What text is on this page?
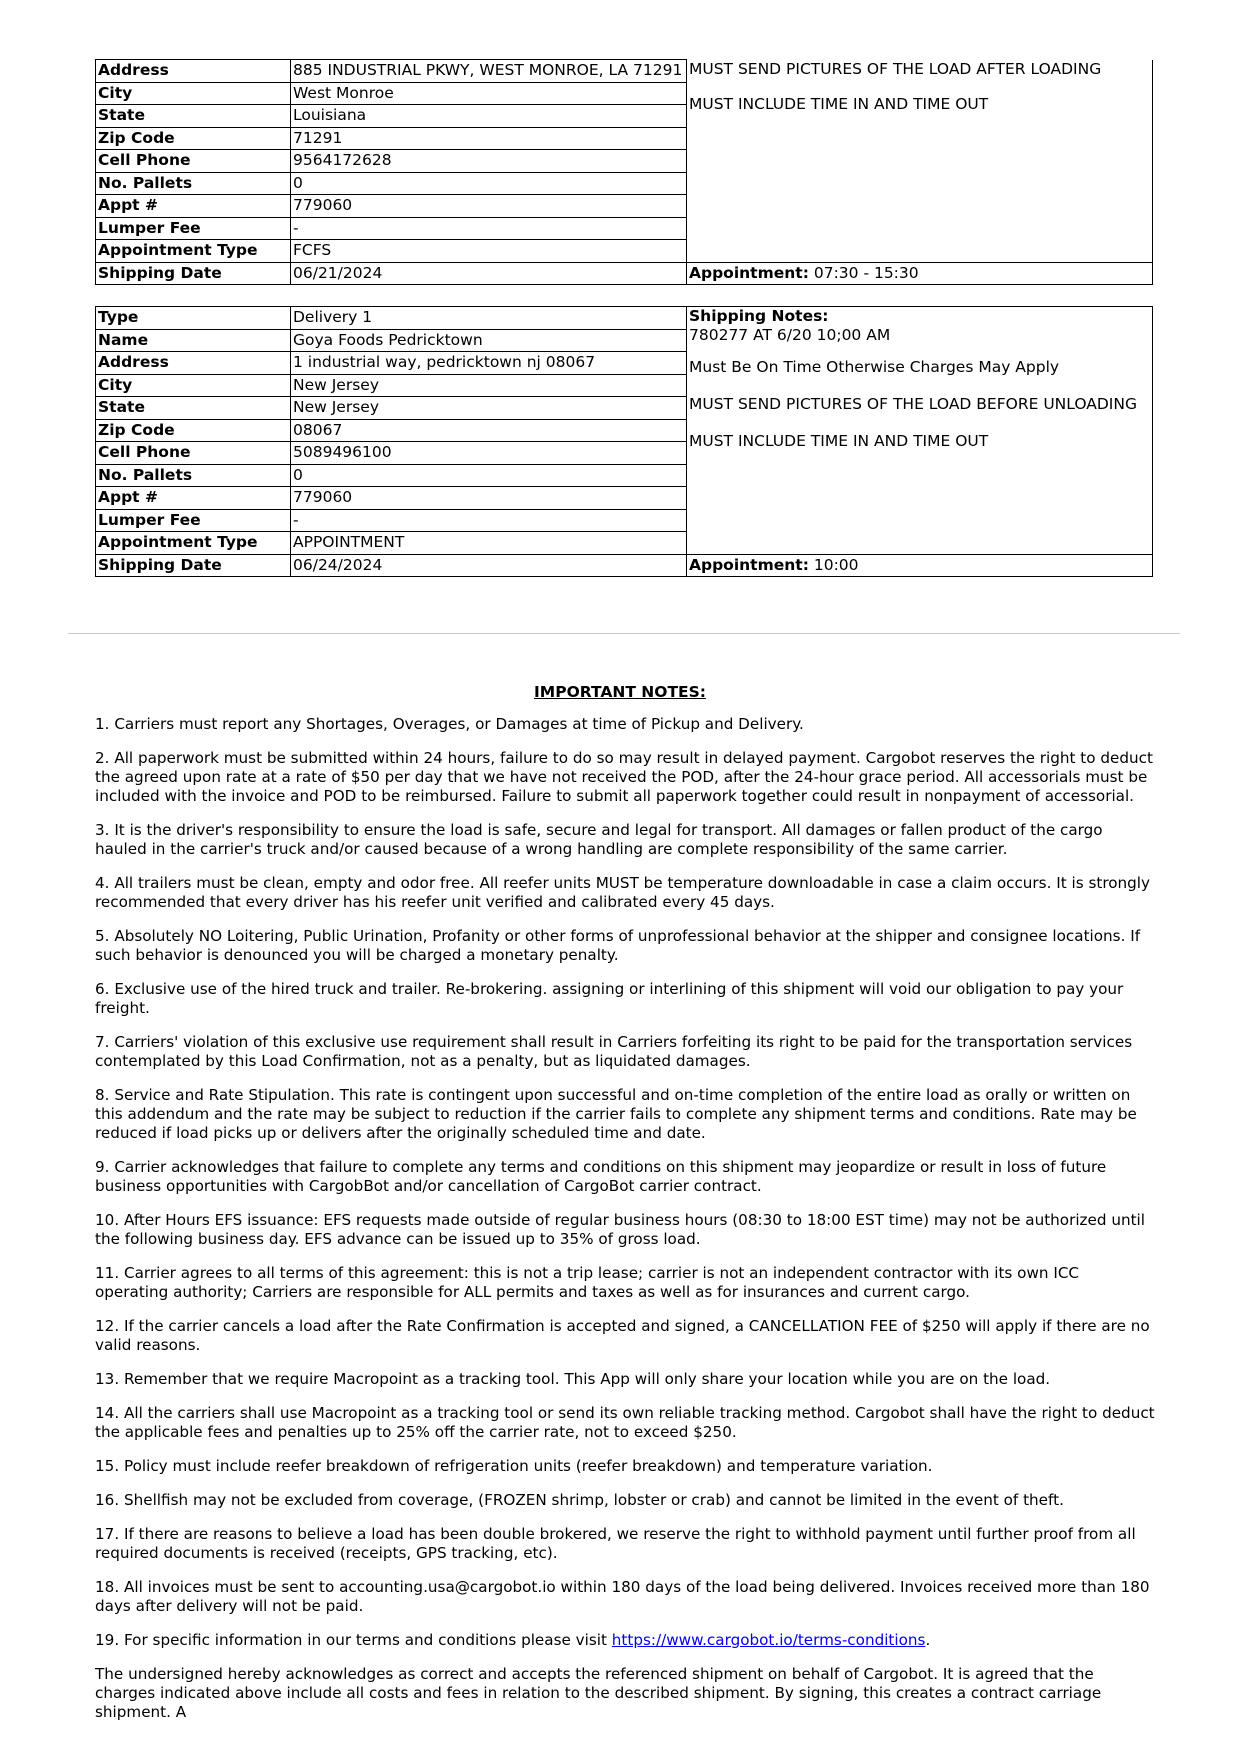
Address	885 INDUSTRIAL PKWY, WEST MONROE, LA 71291	MUST SEND PICTURES OF THE LOAD AFTER LOADING

MUST INCLUDE TIME IN AND TIME OUT

City	West Monroe	
State	Louisiana	
Zip Code	71291	
Cell Phone	9564172628	
No. Pallets	0	
Appt #	779060	
Lumper Fee	-	
Appointment Type	FCFS	
Shipping Date	06/21/2024	Appointment: 07:30 - 15:30
Type	Delivery 1	Shipping Notes:

780277 AT 6/20 10;00 AM

Must Be On Time Otherwise Charges May Apply

MUST SEND PICTURES OF THE LOAD BEFORE UNLOADING

MUST INCLUDE TIME IN AND TIME OUT

Name	Goya Foods Pedricktown	
Address	1 industrial way, pedricktown nj 08067	
City	New Jersey	
State	New Jersey	
Zip Code	08067	
Cell Phone	5089496100	
No. Pallets	0	
Appt #	779060	
Lumper Fee	-	
Appointment Type	APPOINTMENT	
Shipping Date	06/24/2024	Appointment: 10:00
IMPORTANT NOTES:

1. Carriers must report any Shortages, Overages, or Damages at time of Pickup and Delivery.

2. All paperwork must be submitted within 24 hours, failure to do so may result in delayed payment. Cargobot reserves the right to deduct the agreed upon rate at a rate of $50 per day that we have not received the POD, after the 24-hour grace period. All accessorials must be included with the invoice and POD to be reimbursed. Failure to submit all paperwork together could result in nonpayment of accessorial.

3. It is the driver's responsibility to ensure the load is safe, secure and legal for transport. All damages or fallen product of the cargo hauled in the carrier's truck and/or caused because of a wrong handling are complete responsibility of the same carrier.

4. All trailers must be clean, empty and odor free. All reefer units MUST be temperature downloadable in case a claim occurs. It is strongly recommended that every driver has his reefer unit verified and calibrated every 45 days.

5. Absolutely NO Loitering, Public Urination, Profanity or other forms of unprofessional behavior at the shipper and consignee locations. If such behavior is denounced you will be charged a monetary penalty.

6. Exclusive use of the hired truck and trailer. Re-brokering. assigning or interlining of this shipment will void our obligation to pay your freight.

7. Carriers' violation of this exclusive use requirement shall result in Carriers forfeiting its right to be paid for the transportation services contemplated by this Load Confirmation, not as a penalty, but as liquidated damages.

8. Service and Rate Stipulation. This rate is contingent upon successful and on-time completion of the entire load as orally or written on this addendum and the rate may be subject to reduction if the carrier fails to complete any shipment terms and conditions. Rate may be reduced if load picks up or delivers after the originally scheduled time and date.

9. Carrier acknowledges that failure to complete any terms and conditions on this shipment may jeopardize or result in loss of future business opportunities with CargobBot and/or cancellation of CargoBot carrier contract.

10. After Hours EFS issuance: EFS requests made outside of regular business hours (08:30 to 18:00 EST time) may not be authorized until the following business day. EFS advance can be issued up to 35% of gross load.

11. Carrier agrees to all terms of this agreement: this is not a trip lease; carrier is not an independent contractor with its own ICC operating authority; Carriers are responsible for ALL permits and taxes as well as for insurances and current cargo.

12. If the carrier cancels a load after the Rate Confirmation is accepted and signed, a CANCELLATION FEE of $250 will apply if there are no valid reasons.

13. Remember that we require Macropoint as a tracking tool. This App will only share your location while you are on the load.

14. All the carriers shall use Macropoint as a tracking tool or send its own reliable tracking method. Cargobot shall have the right to deduct the applicable fees and penalties up to 25% off the carrier rate, not to exceed $250.

15. Policy must include reefer breakdown of refrigeration units (reefer breakdown) and temperature variation.

16. Shellfish may not be excluded from coverage, (FROZEN shrimp, lobster or crab) and cannot be limited in the event of theft.

17. If there are reasons to believe a load has been double brokered, we reserve the right to withhold payment until further proof from all required documents is received (receipts, GPS tracking, etc).

18. All invoices must be sent to accounting.usa@cargobot.io within 180 days of the load being delivered. Invoices received more than 180 days after delivery will not be paid.

19. For specific information in our terms and conditions please visit https://www.cargobot.io/terms-conditions.

The undersigned hereby acknowledges as correct and accepts the referenced shipment on behalf of Cargobot. It is agreed that the charges indicated above include all costs and fees in relation to the described shipment. By signing, this creates a contract carriage shipment. A
